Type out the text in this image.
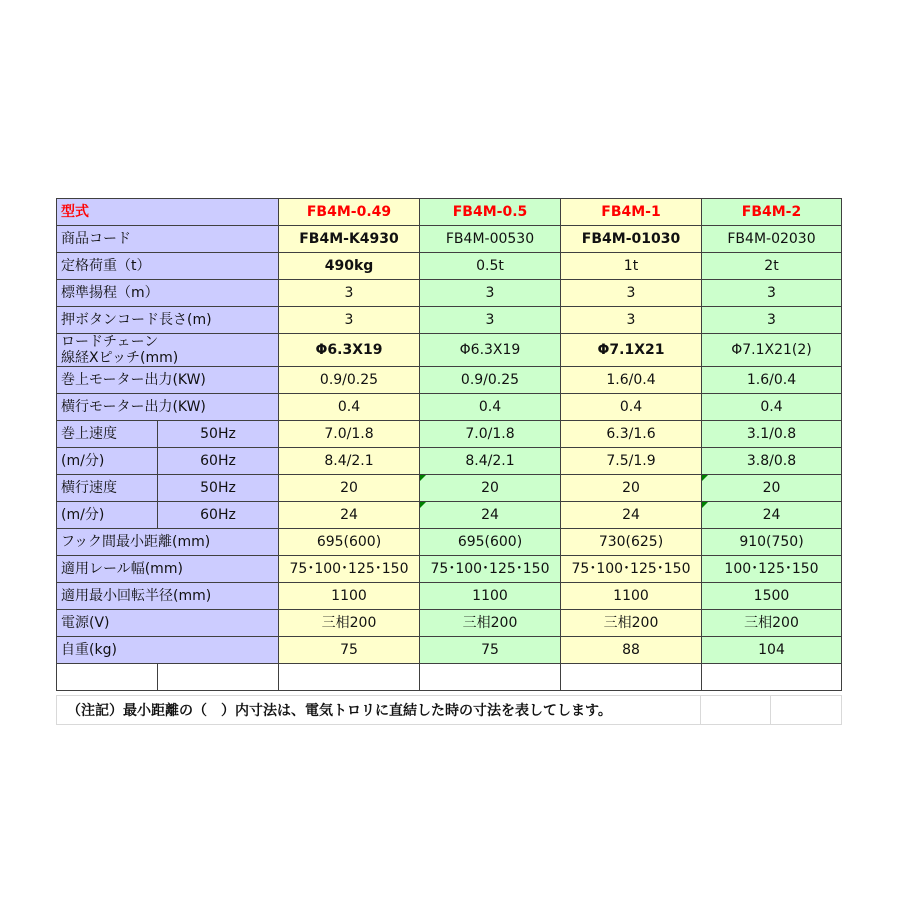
型式		FB4M-0.49	FB4M-0.5	FB4M-1	FB4M-2
商品コード		FB4M-K4930	FB4M-00530	FB4M-01030	FB4M-02030
定格荷重（t）		490kg	0.5t	1t	2t
標準揚程（m）		3	3	3	3
押ボタンコード長さ(m)		3	3	3	3

ロードチェーン
線経Xピッチ(mm)		Φ6.3X19	Φ6.3X19	Φ7.1X21	Φ7.1X21(2)
巻上モーター出力(KW)		0.9/0.25	0.9/0.25	1.6/0.4	1.6/0.4
横行モーター出力(KW)		0.4	0.4	0.4	0.4
巻上速度	50Hz	7.0/1.8	7.0/1.8	6.3/1.6	3.1/0.8
(m/分)	60Hz	8.4/2.1	8.4/2.1	7.5/1.9	3.8/0.8
横行速度	50Hz	20	20	20	20
(m/分)	60Hz	24	24	24	24
フック間最小距離(mm)		695(600)	695(600)	730(625)	910(750)
適用レール幅(mm)		75･100･125･150	75･100･125･150	75･100･125･150	100･125･150
適用最小回転半径(mm)		1100	1100	1100	1500
電源(V)		三相200	三相200	三相200	三相200
自重(kg)		75	75	88	104

（注記）最小距離の（　）内寸法は、電気トロリに直結した時の寸法を表してします。		
